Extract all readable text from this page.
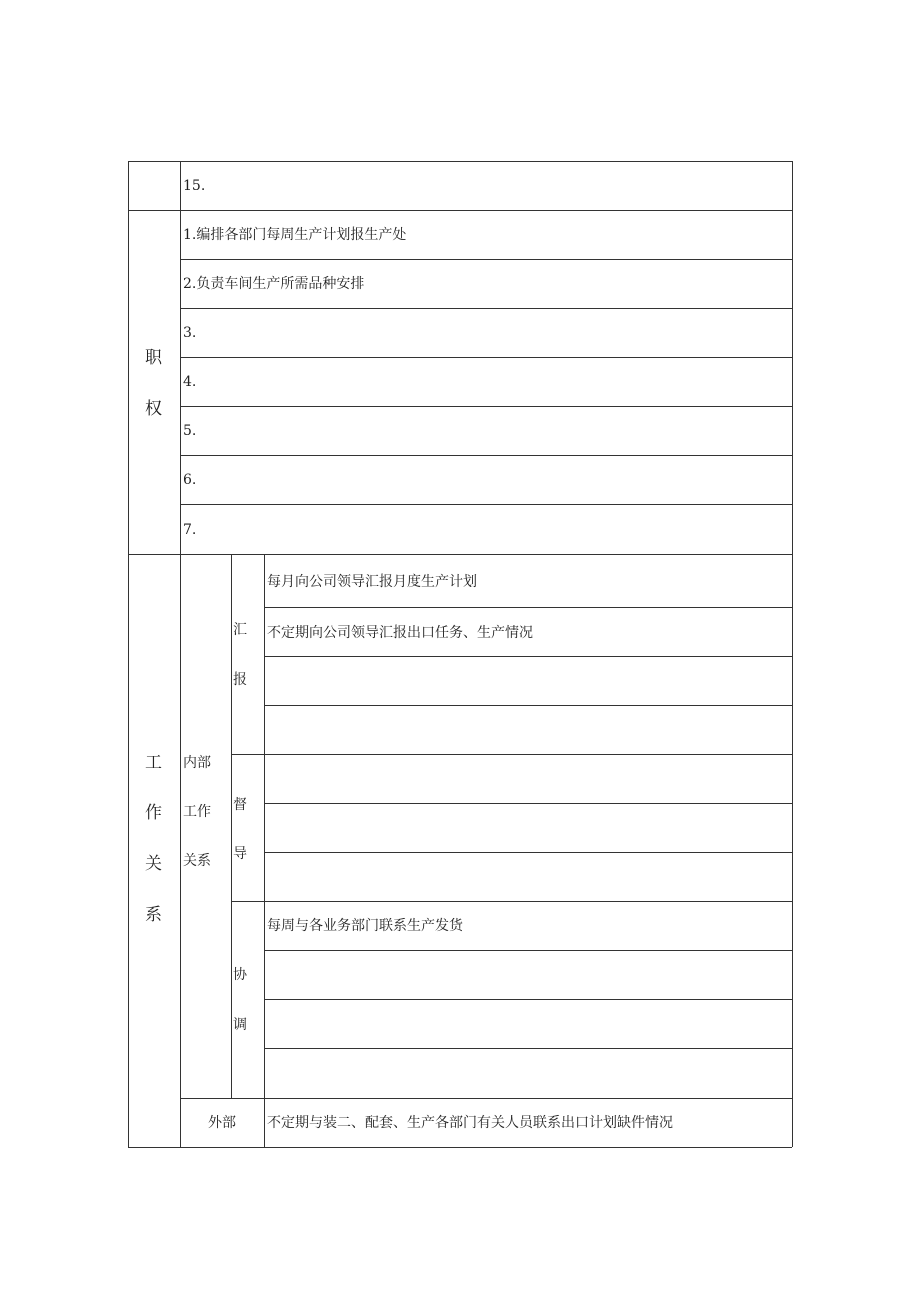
15.
1.编排各部门每周生产计划报生产处
2.负责车间生产所需品种安排
3.
4.
5.
6.
7.
职
权
工
作
关
系
内部
工作
关系
汇
报
每月向公司领导汇报月度生产计划
不定期向公司领导汇报出口任务、生产情况
督
导
协
调
每周与各业务部门联系生产发货
外部 不定期与装二、配套、生产各部门有关人员联系出口计划缺件情况
